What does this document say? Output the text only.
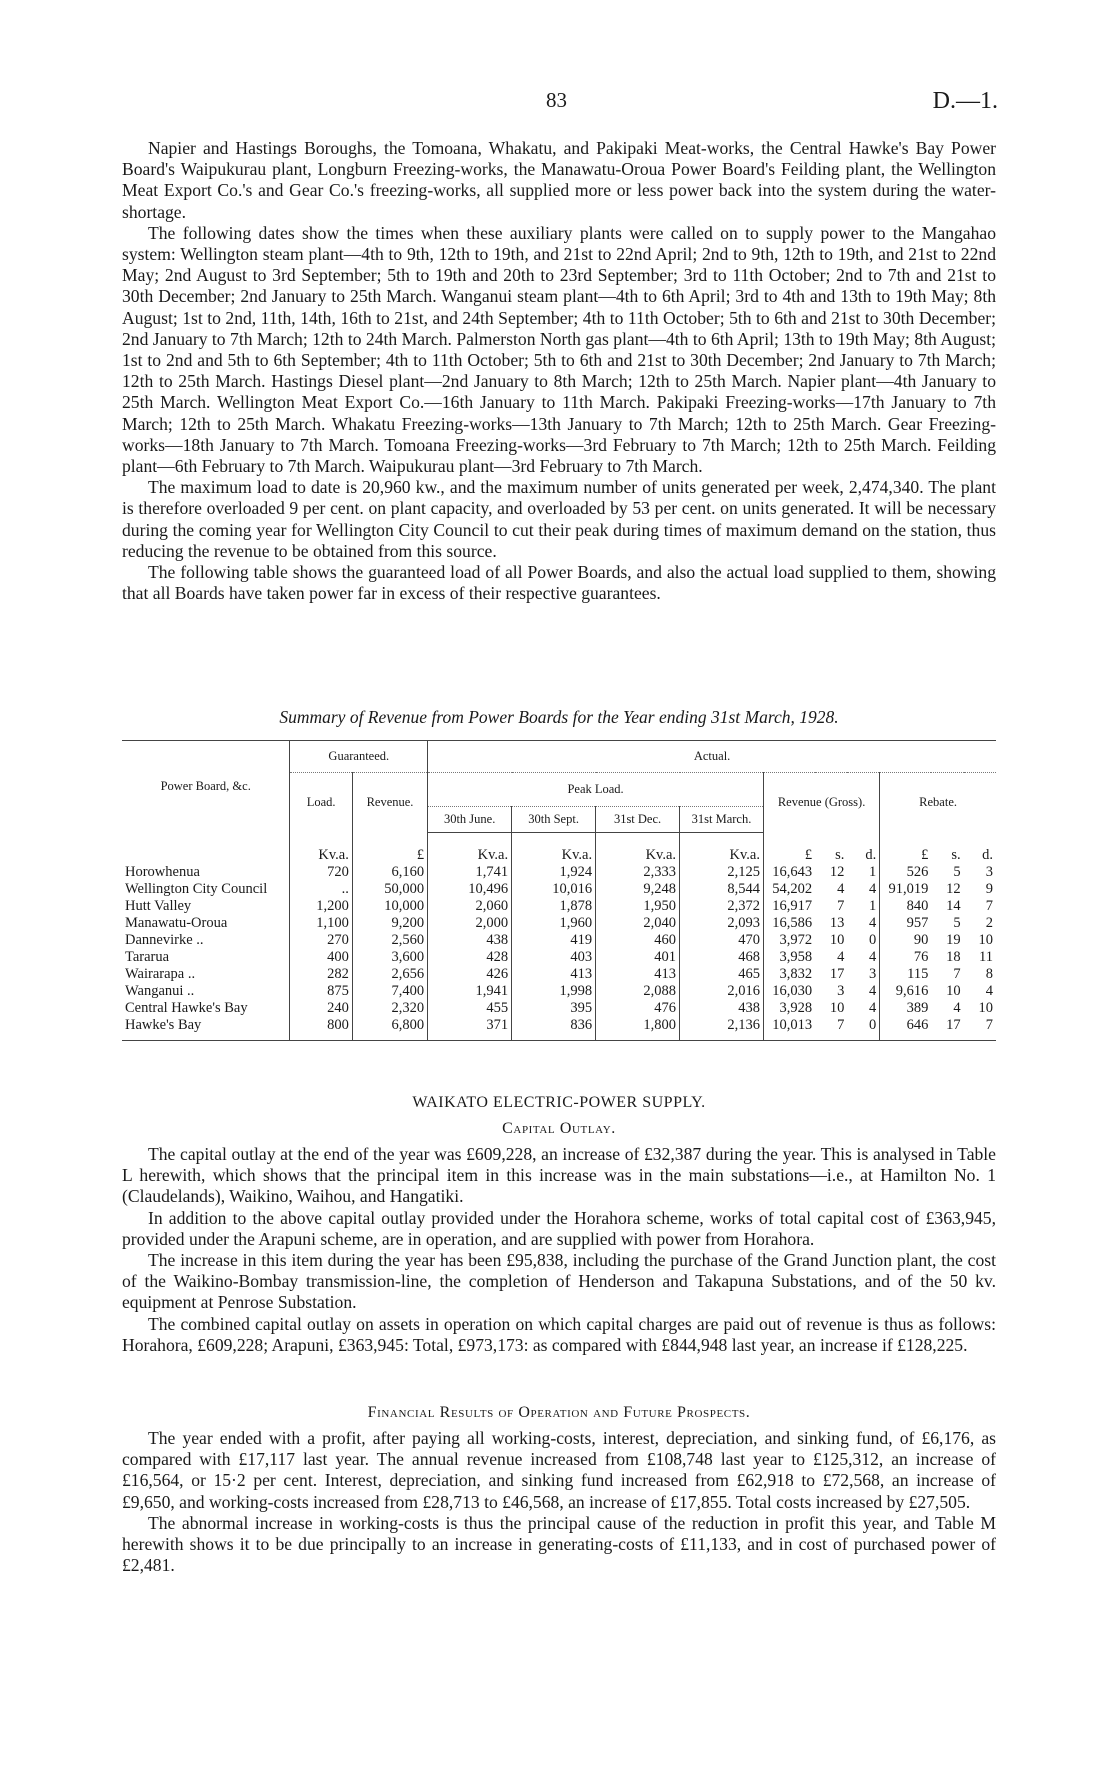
83	D.—1.

Napier and Hastings Boroughs, the Tomoana, Whakatu, and Pakipaki Meat-works, the Central Hawke's Bay Power Board's Waipukurau plant, Longburn Freezing-works, the Manawatu-Oroua Power Board's Feilding plant, the Wellington Meat Export Co.'s and Gear Co.'s freezing-works, all supplied more or less power back into the system during the water-shortage.

The following dates show the times when these auxiliary plants were called on to supply power to the Mangahao system: Wellington steam plant—4th to 9th, 12th to 19th, and 21st to 22nd April; 2nd to 9th, 12th to 19th, and 21st to 22nd May; 2nd August to 3rd September; 5th to 19th and 20th to 23rd September; 3rd to 11th October; 2nd to 7th and 21st to 30th December; 2nd January to 25th March. Wanganui steam plant—4th to 6th April; 3rd to 4th and 13th to 19th May; 8th August; 1st to 2nd, 11th, 14th, 16th to 21st, and 24th September; 4th to 11th October; 5th to 6th and 21st to 30th December; 2nd January to 7th March; 12th to 24th March. Palmerston North gas plant—4th to 6th April; 13th to 19th May; 8th August; 1st to 2nd and 5th to 6th September; 4th to 11th October; 5th to 6th and 21st to 30th December; 2nd January to 7th March; 12th to 25th March. Hastings Diesel plant—2nd January to 8th March; 12th to 25th March. Napier plant—4th January to 25th March. Wellington Meat Export Co.—16th January to 11th March. Pakipaki Freezing-works—17th January to 7th March; 12th to 25th March. Whakatu Freezing-works—13th January to 7th March; 12th to 25th March. Gear Freezing-works—18th January to 7th March. Tomoana Freezing-works—3rd February to 7th March; 12th to 25th March. Feilding plant—6th February to 7th March. Waipukurau plant—3rd February to 7th March.

The maximum load to date is 20,960 kw., and the maximum number of units generated per week, 2,474,340. The plant is therefore overloaded 9 per cent. on plant capacity, and overloaded by 53 per cent. on units generated. It will be necessary during the coming year for Wellington City Council to cut their peak during times of maximum demand on the station, thus reducing the revenue to be obtained from this source.

The following table shows the guaranteed load of all Power Boards, and also the actual load supplied to them, showing that all Boards have taken power far in excess of their respective guarantees.

Summary of Revenue from Power Boards for the Year ending 31st March, 1928.
Power Board, &c.	Guaranteed.		Actual.									
	Load.	Revenue.	Peak Load.				Revenue (Gross).			Rebate.		
			30th June.	30th Sept.	31st Dec.	31st March.						
	Kv.a.	£	Kv.a.	Kv.a.	Kv.a.	Kv.a.	£	s.	d.	£	s.	d.
Horowhenua	720	6,160	1,741	1,924	2,333	2,125	16,643	12	1	526	5	3
Wellington City Council	..	50,000	10,496	10,016	9,248	8,544	54,202	4	4	91,019	12	9
Hutt Valley	1,200	10,000	2,060	1,878	1,950	2,372	16,917	7	1	840	14	7
Manawatu-Oroua	1,100	9,200	2,000	1,960	2,040	2,093	16,586	13	4	957	5	2
Dannevirke ..	270	2,560	438	419	460	470	3,972	10	0	90	19	10
Tararua	400	3,600	428	403	401	468	3,958	4	4	76	18	11
Wairarapa ..	282	2,656	426	413	413	465	3,832	17	3	115	7	8
Wanganui ..	875	7,400	1,941	1,998	2,088	2,016	16,030	3	4	9,616	10	4
Central Hawke's Bay	240	2,320	455	395	476	438	3,928	10	4	389	4	10
Hawke's Bay	800	6,800	371	836	1,800	2,136	10,013	7	0	646	17	7
WAIKATO ELECTRIC-POWER SUPPLY.
Capital Outlay.

The capital outlay at the end of the year was £609,228, an increase of £32,387 during the year. This is analysed in Table L herewith, which shows that the principal item in this increase was in the main substations—i.e., at Hamilton No. 1 (Claudelands), Waikino, Waihou, and Hangatiki.

In addition to the above capital outlay provided under the Horahora scheme, works of total capital cost of £363,945, provided under the Arapuni scheme, are in operation, and are supplied with power from Horahora.

The increase in this item during the year has been £95,838, including the purchase of the Grand Junction plant, the cost of the Waikino-Bombay transmission-line, the completion of Henderson and Takapuna Substations, and of the 50 kv. equipment at Penrose Substation.

The combined capital outlay on assets in operation on which capital charges are paid out of revenue is thus as follows: Horahora, £609,228; Arapuni, £363,945: Total, £973,173: as compared with £844,948 last year, an increase if £128,225.

Financial Results of Operation and Future Prospects.

The year ended with a profit, after paying all working-costs, interest, depreciation, and sinking fund, of £6,176, as compared with £17,117 last year. The annual revenue increased from £108,748 last year to £125,312, an increase of £16,564, or 15·2 per cent. Interest, depreciation, and sinking fund increased from £62,918 to £72,568, an increase of £9,650, and working-costs increased from £28,713 to £46,568, an increase of £17,855. Total costs increased by £27,505.

The abnormal increase in working-costs is thus the principal cause of the reduction in profit this year, and Table M herewith shows it to be due principally to an increase in generating-costs of £11,133, and in cost of purchased power of £2,481.
